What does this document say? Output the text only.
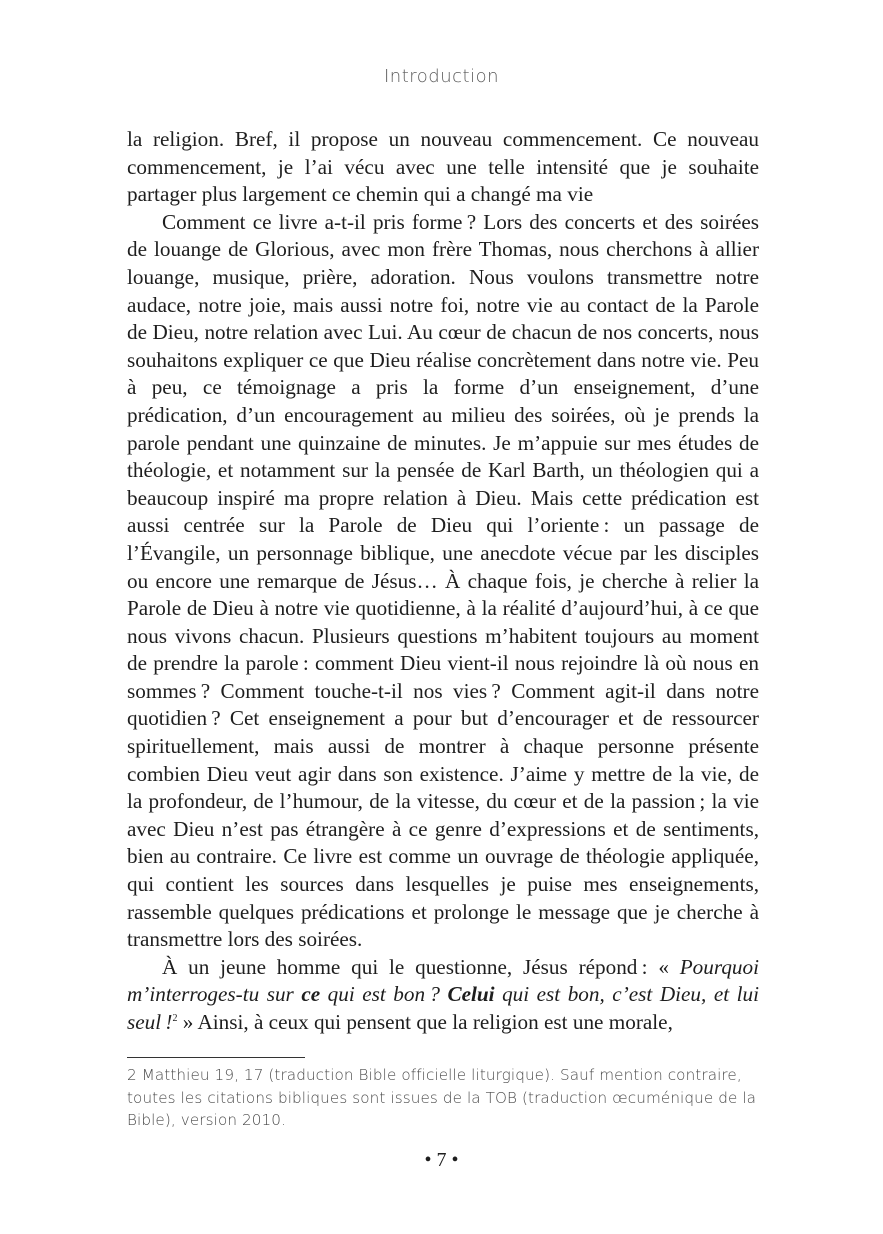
Introduction

la religion. Bref, il propose un nouveau commencement. Ce nouveau commencement, je l’ai vécu avec une telle intensité que je souhaite partager plus largement ce chemin qui a changé ma vie

Comment ce livre a-t-il pris forme ? Lors des concerts et des soirées de louange de Glorious, avec mon frère Thomas, nous cherchons à allier louange, musique, prière, adoration. Nous voulons transmettre notre audace, notre joie, mais aussi notre foi, notre vie au contact de la Parole de Dieu, notre relation avec Lui. Au cœur de chacun de nos concerts, nous souhaitons expliquer ce que Dieu réalise concrètement dans notre vie. Peu à peu, ce témoignage a pris la forme d’un enseignement, d’une prédication, d’un encouragement au milieu des soirées, où je prends la parole pendant une quinzaine de minutes. Je m’appuie sur mes études de théologie, et notamment sur la pensée de Karl Barth, un théologien qui a beaucoup inspiré ma propre relation à Dieu. Mais cette prédication est aussi centrée sur la Parole de Dieu qui l’oriente : un passage de l’Évangile, un personnage biblique, une anecdote vécue par les disciples ou encore une remarque de Jésus… À chaque fois, je cherche à relier la Parole de Dieu à notre vie quotidienne, à la réalité d’aujourd’hui, à ce que nous vivons chacun. Plusieurs questions m’habitent toujours au moment de prendre la parole : comment Dieu vient-il nous rejoindre là où nous en sommes ? Comment touche-t-il nos vies ? Comment agit-il dans notre quotidien ? Cet enseignement a pour but d’encourager et de ressourcer spirituellement, mais aussi de montrer à chaque personne présente combien Dieu veut agir dans son existence. J’aime y mettre de la vie, de la profondeur, de l’humour, de la vitesse, du cœur et de la passion ; la vie avec Dieu n’est pas étrangère à ce genre d’expressions et de sentiments, bien au contraire. Ce livre est comme un ouvrage de théologie appliquée, qui contient les sources dans lesquelles je puise mes enseignements, rassemble quelques prédications et prolonge le message que je cherche à transmettre lors des soirées.

À un jeune homme qui le questionne, Jésus répond : « Pourquoi m’interroges-tu sur ce qui est bon ? Celui qui est bon, c’est Dieu, et lui seul !$^2$ » Ainsi, à ceux qui pensent que la religion est une morale,

2 Matthieu 19, 17 (traduction Bible officielle liturgique). Sauf mention contraire, toutes les citations bibliques sont issues de la TOB (traduction œcuménique de la Bible), version 2010.
• 7 •
